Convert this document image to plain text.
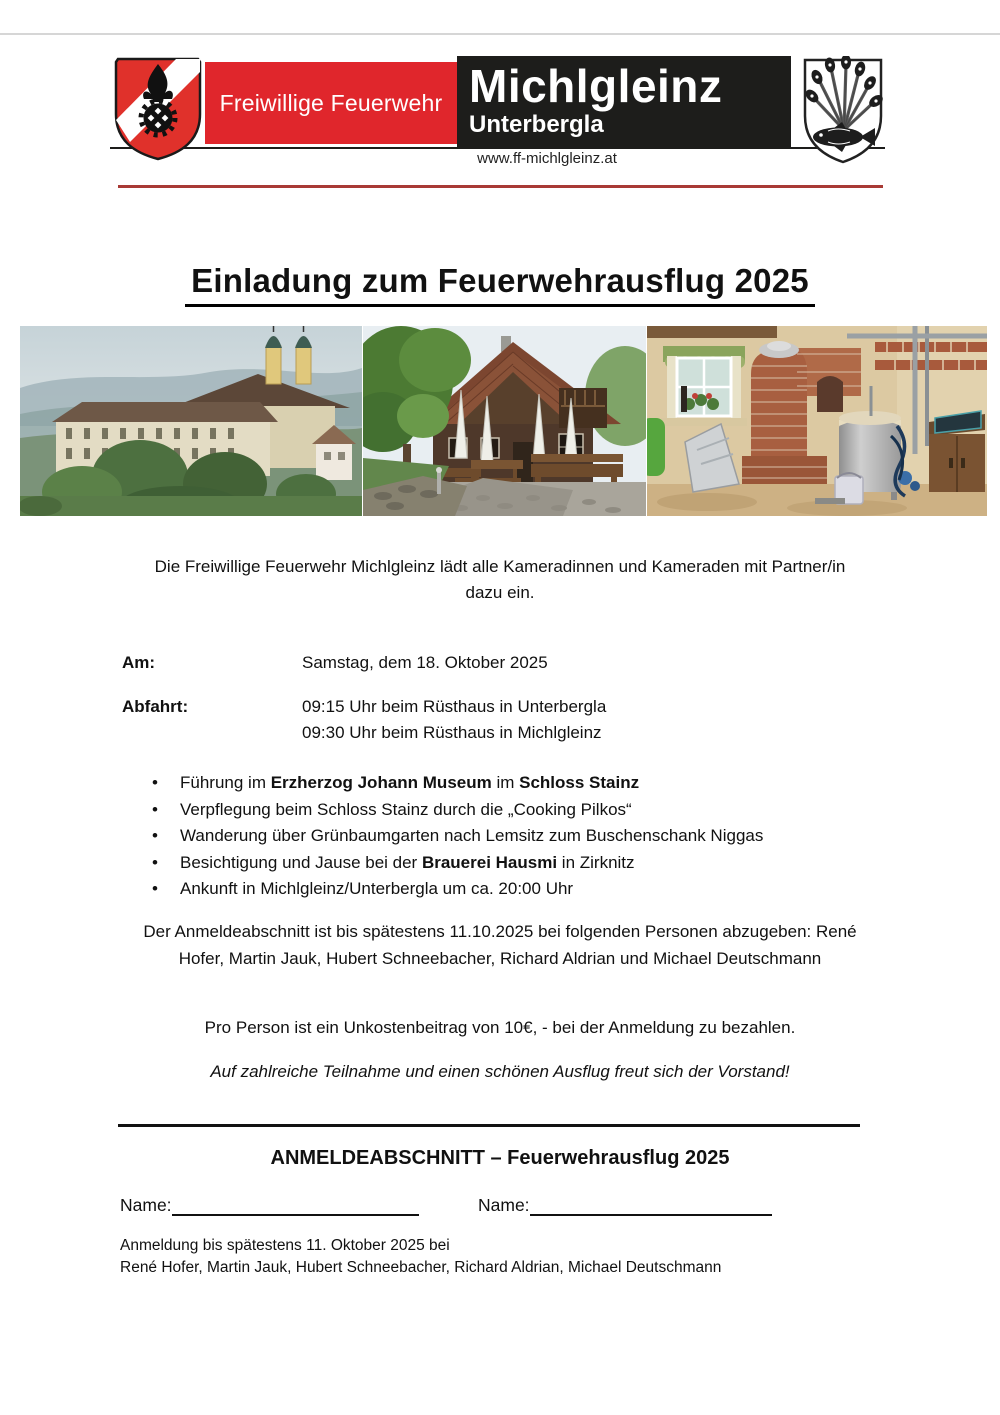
Freiwillige Feuerwehr Michlgleinz
Unterbergla
www.ff-michlgleinz.at
Einladung zum Feuerwehrausflug 2025
Die Freiwillige Feuerwehr Michlgleinz lädt alle Kameradinnen und Kameraden mit Partner/in dazu ein.
Am:	Samstag, dem 18. Oktober 2025
Abfahrt:	09:15 Uhr beim Rüsthaus in Unterbergla
09:30 Uhr beim Rüsthaus in Michlgleinz
• Führung im Erzherzog Johann Museum im Schloss Stainz
• Verpflegung beim Schloss Stainz durch die „Cooking Pilkos“
• Wanderung über Grünbaumgarten nach Lemsitz zum Buschenschank Niggas
• Besichtigung und Jause bei der Brauerei Hausmi in Zirknitz
• Ankunft in Michlgleinz/Unterbergla um ca. 20:00 Uhr
Der Anmeldeabschnitt ist bis spätestens 11.10.2025 bei folgenden Personen abzugeben: René Hofer, Martin Jauk, Hubert Schneebacher, Richard Aldrian und Michael Deutschmann
Pro Person ist ein Unkostenbeitrag von 10€, - bei der Anmeldung zu bezahlen.
Auf zahlreiche Teilnahme und einen schönen Ausflug freut sich der Vorstand!
ANMELDEABSCHNITT – Feuerwehrausflug 2025
Name:	Name:
Anmeldung bis spätestens 11. Oktober 2025 bei
René Hofer, Martin Jauk, Hubert Schneebacher, Richard Aldrian, Michael Deutschmann
